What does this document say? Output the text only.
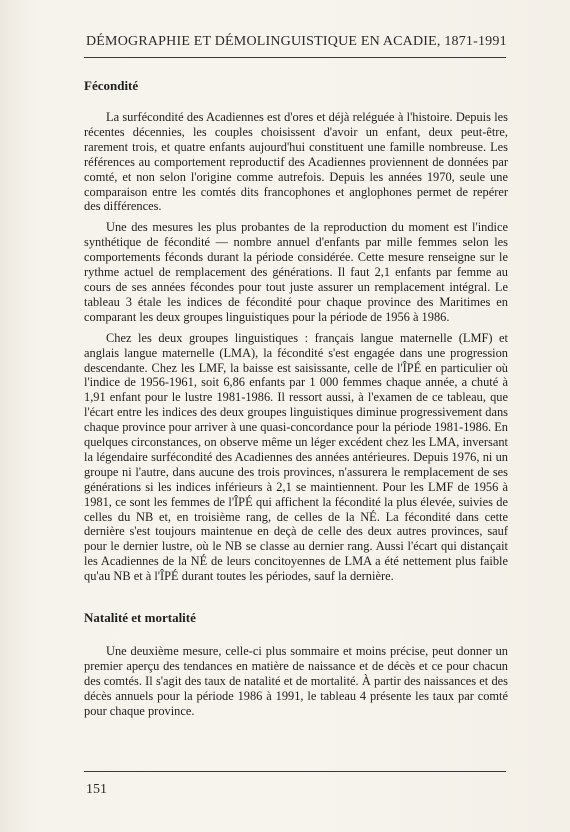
DÉMOGRAPHIE ET DÉMOLINGUISTIQUE EN ACADIE, 1871-1991
Fécondité

La surfécondité des Acadiennes est d'ores et déjà reléguée à l'histoire. Depuis les récentes décennies, les couples choisissent d'avoir un enfant, deux peut-être, rarement trois, et quatre enfants aujourd'hui constituent une famille nombreuse. Les références au comportement reproductif des Acadiennes proviennent de données par comté, et non selon l'origine comme autrefois. Depuis les années 1970, seule une comparaison entre les comtés dits francophones et anglophones permet de repérer des différences.

Une des mesures les plus probantes de la reproduction du moment est l'indice synthétique de fécondité — nombre annuel d'enfants par mille femmes selon les comportements féconds durant la période considérée. Cette mesure renseigne sur le rythme actuel de remplacement des générations. Il faut 2,1 enfants par femme au cours de ses années fécondes pour tout juste assurer un remplacement intégral. Le tableau 3 étale les indices de fécondité pour chaque province des Maritimes en comparant les deux groupes linguistiques pour la période de 1956 à 1986.

Chez les deux groupes linguistiques : français langue maternelle (LMF) et anglais langue maternelle (LMA), la fécondité s'est engagée dans une progression descendante. Chez les LMF, la baisse est saisissante, celle de l'ÎPÉ en particulier où l'indice de 1956-1961, soit 6,86 enfants par 1 000 femmes chaque année, a chuté à 1,91 enfant pour le lustre 1981-1986. Il ressort aussi, à l'examen de ce tableau, que l'écart entre les indices des deux groupes linguistiques diminue progressivement dans chaque province pour arriver à une quasi-concordance pour la période 1981-1986. En quelques circonstances, on observe même un léger excédent chez les LMA, inversant la légendaire surfécondité des Acadiennes des années antérieures. Depuis 1976, ni un groupe ni l'autre, dans aucune des trois provinces, n'assurera le remplacement de ses générations si les indices inférieurs à 2,1 se maintiennent. Pour les LMF de 1956 à 1981, ce sont les femmes de l'ÎPÉ qui affichent la fécondité la plus élevée, suivies de celles du NB et, en troisième rang, de celles de la NÉ. La fécondité dans cette dernière s'est toujours maintenue en deçà de celle des deux autres provinces, sauf pour le dernier lustre, où le NB se classe au dernier rang. Aussi l'écart qui distançait les Acadiennes de la NÉ de leurs concitoyennes de LMA a été nettement plus faible qu'au NB et à l'ÎPÉ durant toutes les périodes, sauf la dernière.

Natalité et mortalité

Une deuxième mesure, celle-ci plus sommaire et moins précise, peut donner un premier aperçu des tendances en matière de naissance et de décès et ce pour chacun des comtés. Il s'agit des taux de natalité et de mortalité. À partir des naissances et des décès annuels pour la période 1986 à 1991, le tableau 4 présente les taux par comté pour chaque province.

151
